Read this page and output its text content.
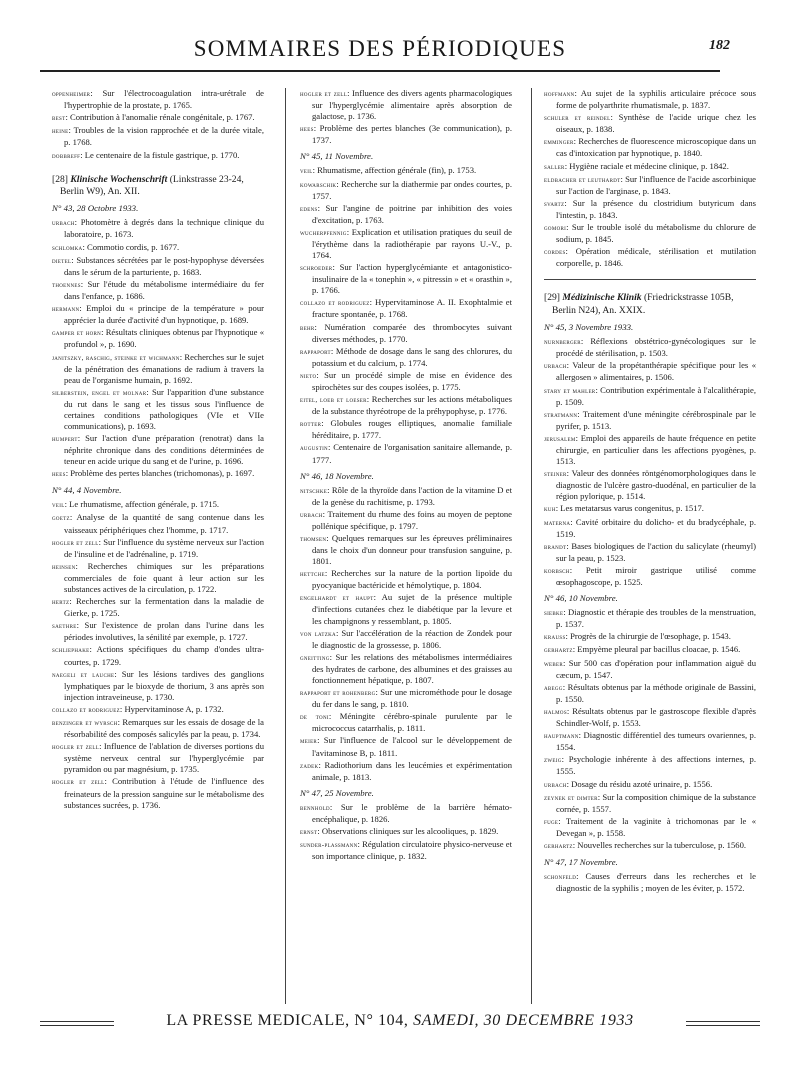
SOMMAIRES DES PÉRIODIQUES	182
oppenheimer: Sur l'électrocoagulation intra-urétrale de l'hypertrophie de la prostate, p. 1765.
best: Contribution à l'anomalie rénale congénitale, p. 1767.
heine: Troubles de la vision rapprochée et de la durée vitale, p. 1768.
dobbreff: Le centenaire de la fistule gastrique, p. 1770.
[28] Klinische Wochenschrift (Linkstrasse 23-24, Berlin W9), An. XII.
N° 43, 28 Octobre 1933.
urbach: Photomètre à degrés dans la technique clinique du laboratoire, p. 1673.
schlomka: Commotio cordis, p. 1677.
dietel: Substances sécrétées par le post-hypophyse déversées dans le sérum de la parturiente, p. 1683.
thoennes: Sur l'étude du métabolisme intermédiaire du fer dans l'enfance, p. 1686.
hermann: Emploi du « principe de la température » pour apprécier la durée d'activité d'un hypnotique, p. 1689.
gamper et horn: Résultats cliniques obtenus par l'hypnotique « profundol », p. 1690.
janitszky, raschig, steinke et wichmann: Recherches sur le sujet de la pénétration des émanations de radium à travers la peau de l'organisme humain, p. 1692.
silberstein, engel et molnar: Sur l'apparition d'une substance du rut dans le sang et les tissus sous l'influence de certaines conditions pathologiques (VIe et VIIe communications), p. 1693.
humpert: Sur l'action d'une préparation (renotrat) dans la néphrite chronique dans des conditions déterminées de teneur en acide urique du sang et de l'urine, p. 1696.
hees: Problème des pertes blanches (trichomonas), p. 1697.
N° 44, 4 Novembre.
veil: Le rhumatisme, affection générale, p. 1715.
goetz: Analyse de la quantité de sang contenue dans les vaisseaux périphériques chez l'homme, p. 1717.
hogler et zell: Sur l'influence du système nerveux sur l'action de l'insuline et de l'adrénaline, p. 1719.
heinsen: Recherches chimiques sur les préparations commerciales de foie quant à leur action sur les substances actives de la circulation, p. 1722.
hertz: Recherches sur la fermentation dans la maladie de Gierke, p. 1725.
saethre: Sur l'existence de prolan dans l'urine dans les périodes involutives, la sénilité par exemple, p. 1727.
schliephake: Actions spécifiques du champ d'ondes ultra-courtes, p. 1729.
naegeli et lauche: Sur les lésions tardives des ganglions lymphatiques par le bioxyde de thorium, 3 ans après son injection intraveineuse, p. 1730.
collazo et rodriguez: Hypervitaminose A, p. 1732.
benzinger et wyrsch: Remarques sur les essais de dosage de la résorbabilité des composés salicylés par la peau, p. 1734.
hogler et zell: Influence de l'ablation de diverses portions du système nerveux central sur l'hyperglycémie par pyramidon ou par magnésium, p. 1735.
hogler et zell: Contribution à l'étude de l'influence des freinateurs de la pression sanguine sur le métabolisme des substances sucrées, p. 1736.
hogler et zell: Influence des divers agents pharmacologiques sur l'hyperglycémie alimentaire après absorption de galactose, p. 1736.
hees: Problème des pertes blanches (3e communication), p. 1737.
N° 45, 11 Novembre.
veil: Rhumatisme, affection générale (fin), p. 1753.
kowarschik: Recherche sur la diathermie par ondes courtes, p. 1757.
edens: Sur l'angine de poitrine par inhibition des voies d'excitation, p. 1763.
wucherpfennig: Explication et utilisation pratiques du seuil de l'érythème dans la radiothérapie par rayons U.-V., p. 1764.
schroeder: Sur l'action hyperglycémiante et antagonistico-insulinaire de la « tonephin », « pitressin » et « orasthin », p. 1766.
collazo et rodriguez: Hypervitaminose A. II. Exophtalmie et fracture spontanée, p. 1768.
behr: Numération comparée des thrombocytes suivant diverses méthodes, p. 1770.
rappaport: Méthode de dosage dans le sang des chlorures, du potassium et du calcium, p. 1774.
nieto: Sur un procédé simple de mise en évidence des spirochètes sur des coupes isolées, p. 1775.
eitel, loeb et loeser: Recherches sur les actions métaboliques de la substance thyréotrope de la préhypophyse, p. 1776.
rotter: Globules rouges elliptiques, anomalie familiale héréditaire, p. 1777.
augustin: Centenaire de l'organisation sanitaire allemande, p. 1777.
N° 46, 18 Novembre.
nitschke: Rôle de la thyroïde dans l'action de la vitamine D et de la genèse du rachitisme, p. 1793.
urbach: Traitement du rhume des foins au moyen de peptone pollénique spécifique, p. 1797.
thomsen: Quelques remarques sur les épreuves préliminaires dans le choix d'un donneur pour transfusion sanguine, p. 1801.
hettche: Recherches sur la nature de la portion lipoïde du pyocyanique bactéricide et hémolytique, p. 1804.
engelhardt et haupt: Au sujet de la présence multiple d'infections cutanées chez le diabétique par la levure et les champignons y ressemblant, p. 1805.
von latzka: Sur l'accélération de la réaction de Zondek pour le diagnostic de la grossesse, p. 1806.
gneitting: Sur les relations des métabolismes intermédiaires des hydrates de carbone, des albumines et des graisses au fonctionnement hépatique, p. 1807.
rappaport et rohenberg: Sur une microméthode pour le dosage du fer dans le sang, p. 1810.
de toni: Méningite cérébro-spinale purulente par le micrococcus catarrhalis, p. 1811.
meier: Sur l'influence de l'alcool sur le développement de l'avitaminose B, p. 1811.
zadek: Radiothorium dans les leucémies et expérimentation animale, p. 1813.
N° 47, 25 Novembre.
bennhold: Sur le problème de la barrière hémato-encéphalique, p. 1826.
ernst: Observations cliniques sur les alcooliques, p. 1829.
sunder-plassmann: Régulation circulatoire physico-nerveuse et son importance clinique, p. 1832.
hoffmann: Au sujet de la syphilis articulaire précoce sous forme de polyarthrite rhumatismale, p. 1837.
schuler et reindel: Synthèse de l'acide urique chez les oiseaux, p. 1838.
emminger: Recherches de fluorescence microscopique dans un cas d'intoxication par hypnotique, p. 1840.
saller: Hygiène raciale et médecine clinique, p. 1842.
eldbacher et leuthardt: Sur l'influence de l'acide ascorbinique sur l'action de l'arginase, p. 1843.
svartz: Sur la présence du clostridium butyricum dans l'intestin, p. 1843.
gomori: Sur le trouble isolé du métabolisme du chlorure de sodium, p. 1845.
cordes: Opération médicale, stérilisation et mutilation corporelle, p. 1846.
[29] Médizinische Klinik (Friedrickstrasse 105B, Berlin N24), An. XXIX.
N° 45, 3 Novembre 1933.
nurnberger: Réflexions obstétrico-gynécologiques sur le procédé de stérilisation, p. 1503.
urbach: Valeur de la propétanthérapie spécifique pour les « allergosen » alimentaires, p. 1506.
stary et mahler: Contribution expérimentale à l'alcalithérapie, p. 1509.
stratmann: Traitement d'une méningite cérébrospinale par le pyrifer, p. 1513.
jerusalem: Emploi des appareils de haute fréquence en petite chirurgie, en particulier dans les affections pyogènes, p. 1513.
steiner: Valeur des données röntgénomorphologiques dans le diagnostic de l'ulcère gastro-duodénal, en particulier de la région pylorique, p. 1514.
kuh: Les metatarsus varus congenitus, p. 1517.
materna: Cavité orbitaire du dolicho- et du bradycéphale, p. 1519.
brandt: Bases biologiques de l'action du salicylate (rheumyl) sur la peau, p. 1523.
korbsch: Petit miroir gastrique utilisé comme œsophagoscope, p. 1525.
N° 46, 10 Novembre.
siebke: Diagnostic et thérapie des troubles de la menstruation, p. 1537.
krauss: Progrès de la chirurgie de l'œsophage, p. 1543.
gerhartz: Empyème pleural par bacillus cloacae, p. 1546.
weber: Sur 500 cas d'opération pour inflammation aiguë du cæcum, p. 1547.
abegg: Résultats obtenus par la méthode originale de Bassini, p. 1550.
halmos: Résultats obtenus par le gastroscope flexible d'après Schindler-Wolf, p. 1553.
hauptmann: Diagnostic différentiel des tumeurs ovariennes, p. 1554.
zweig: Psychologie inhérente à des affections internes, p. 1555.
urbach: Dosage du résidu azoté urinaire, p. 1556.
zeynek et dimter: Sur la composition chimique de la substance cornée, p. 1557.
fuge: Traitement de la vaginite à trichomonas par le « Devegan », p. 1558.
gerhartz: Nouvelles recherches sur la tuberculose, p. 1560.
N° 47, 17 Novembre.
schonfeld: Causes d'erreurs dans les recherches et le diagnostic de la syphilis ; moyen de les éviter, p. 1572.
LA PRESSE MEDICALE, N° 104, SAMEDI, 30 DECEMBRE 1933
